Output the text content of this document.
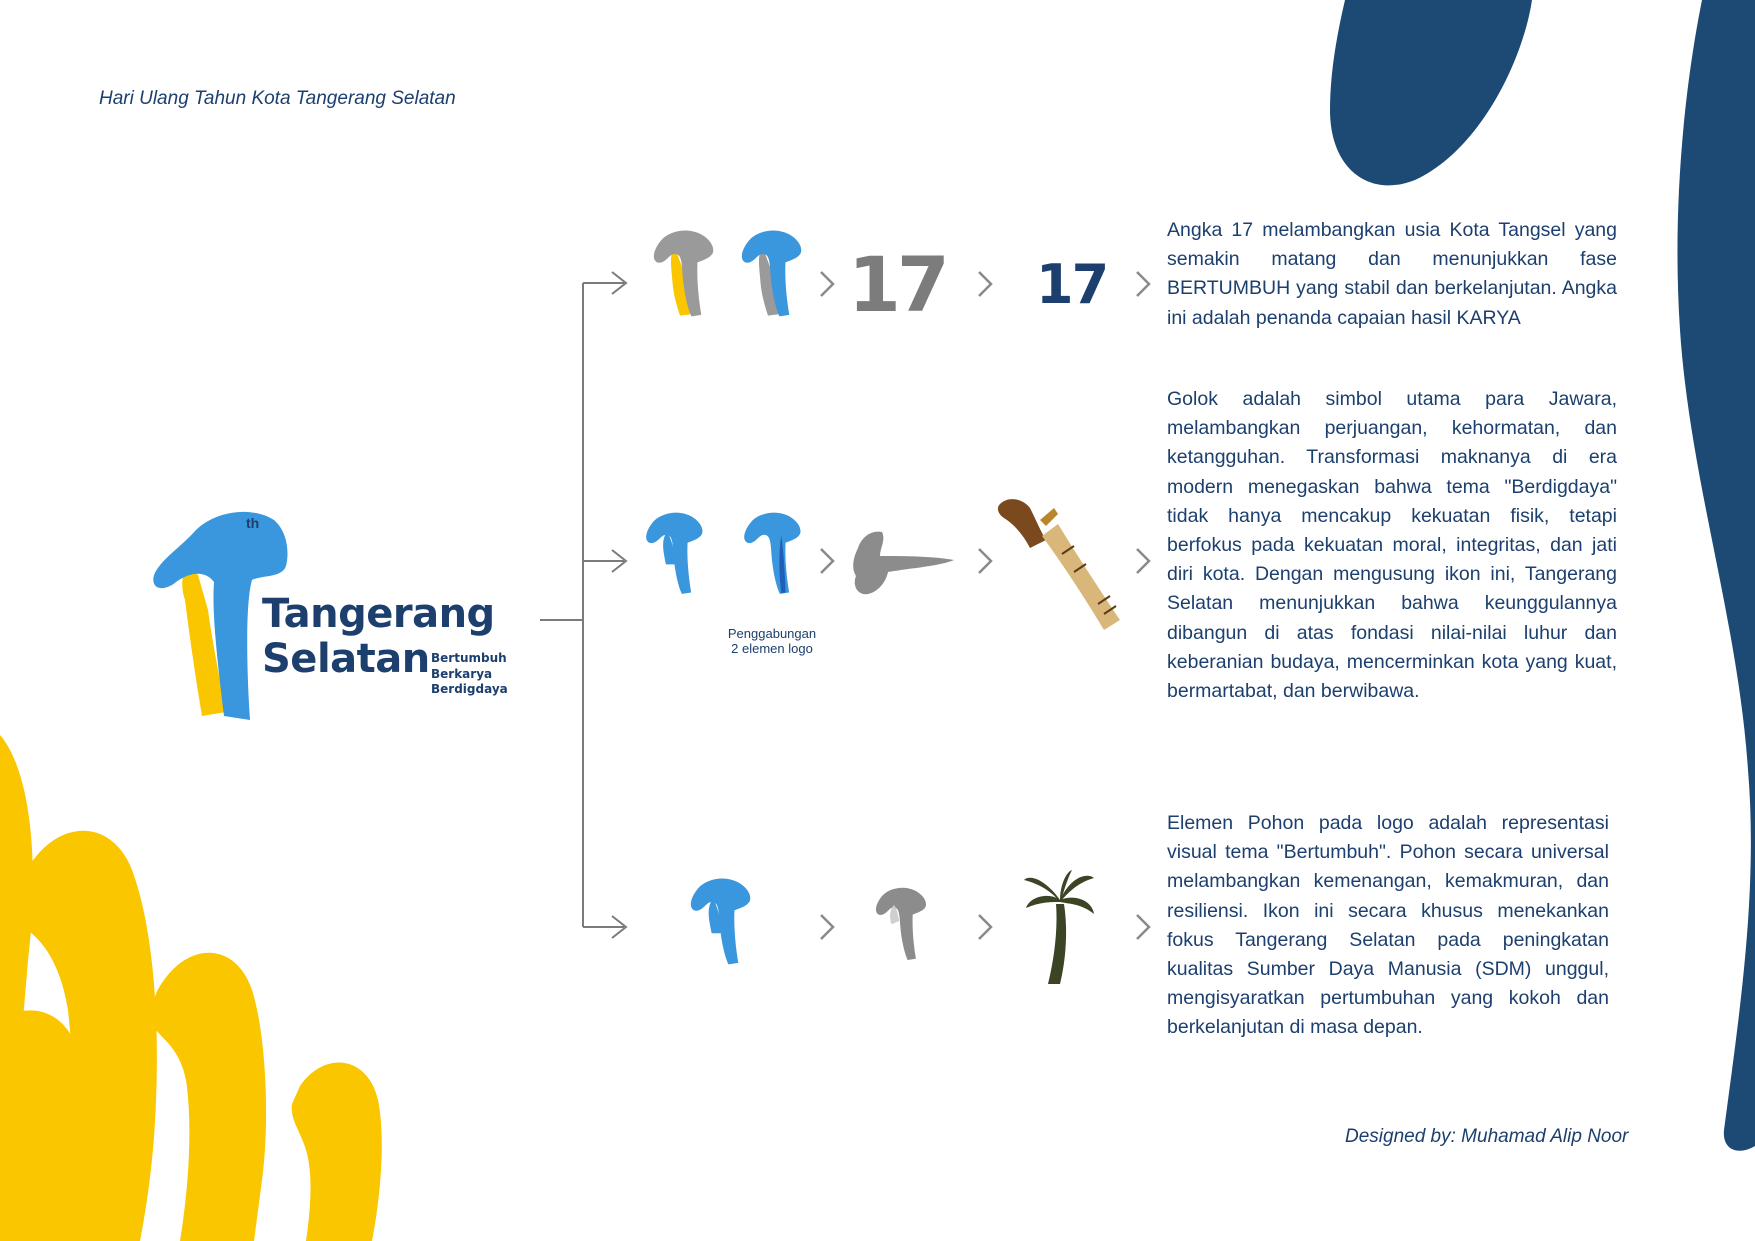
Hari Ulang Tahun Kota Tangerang Selatan
th
Tangerang
Selatan Bertumbuh
Berkarya
Berdigdaya
17 17
Penggabungan
2 elemen logo

Angka 17 melambangkan usia Kota Tangsel yang semakin matang dan menunjukkan fase BERTUMBUH yang stabil dan berkelanjutan. Angka ini adalah penanda capaian hasil KARYA

Golok adalah simbol utama para Jawara, melambangkan perjuangan, kehormatan, dan ketangguhan. Transformasi maknanya di era modern menegaskan bahwa tema "Berdigdaya" tidak hanya mencakup kekuatan fisik, tetapi berfokus pada kekuatan moral, integritas, dan jati diri kota. Dengan mengusung ikon ini, Tangerang Selatan menunjukkan bahwa keunggulannya dibangun di atas fondasi nilai-nilai luhur dan keberanian budaya, mencerminkan kota yang kuat, bermartabat, dan berwibawa.

Elemen Pohon pada logo adalah representasi visual tema "Bertumbuh". Pohon secara universal melambangkan kemenangan, kemakmuran, dan resiliensi. Ikon ini secara khusus menekankan fokus Tangerang Selatan pada peningkatan kualitas Sumber Daya Manusia (SDM) unggul, mengisyaratkan pertumbuhan yang kokoh dan berkelanjutan di masa depan.

Designed by: Muhamad Alip Noor
